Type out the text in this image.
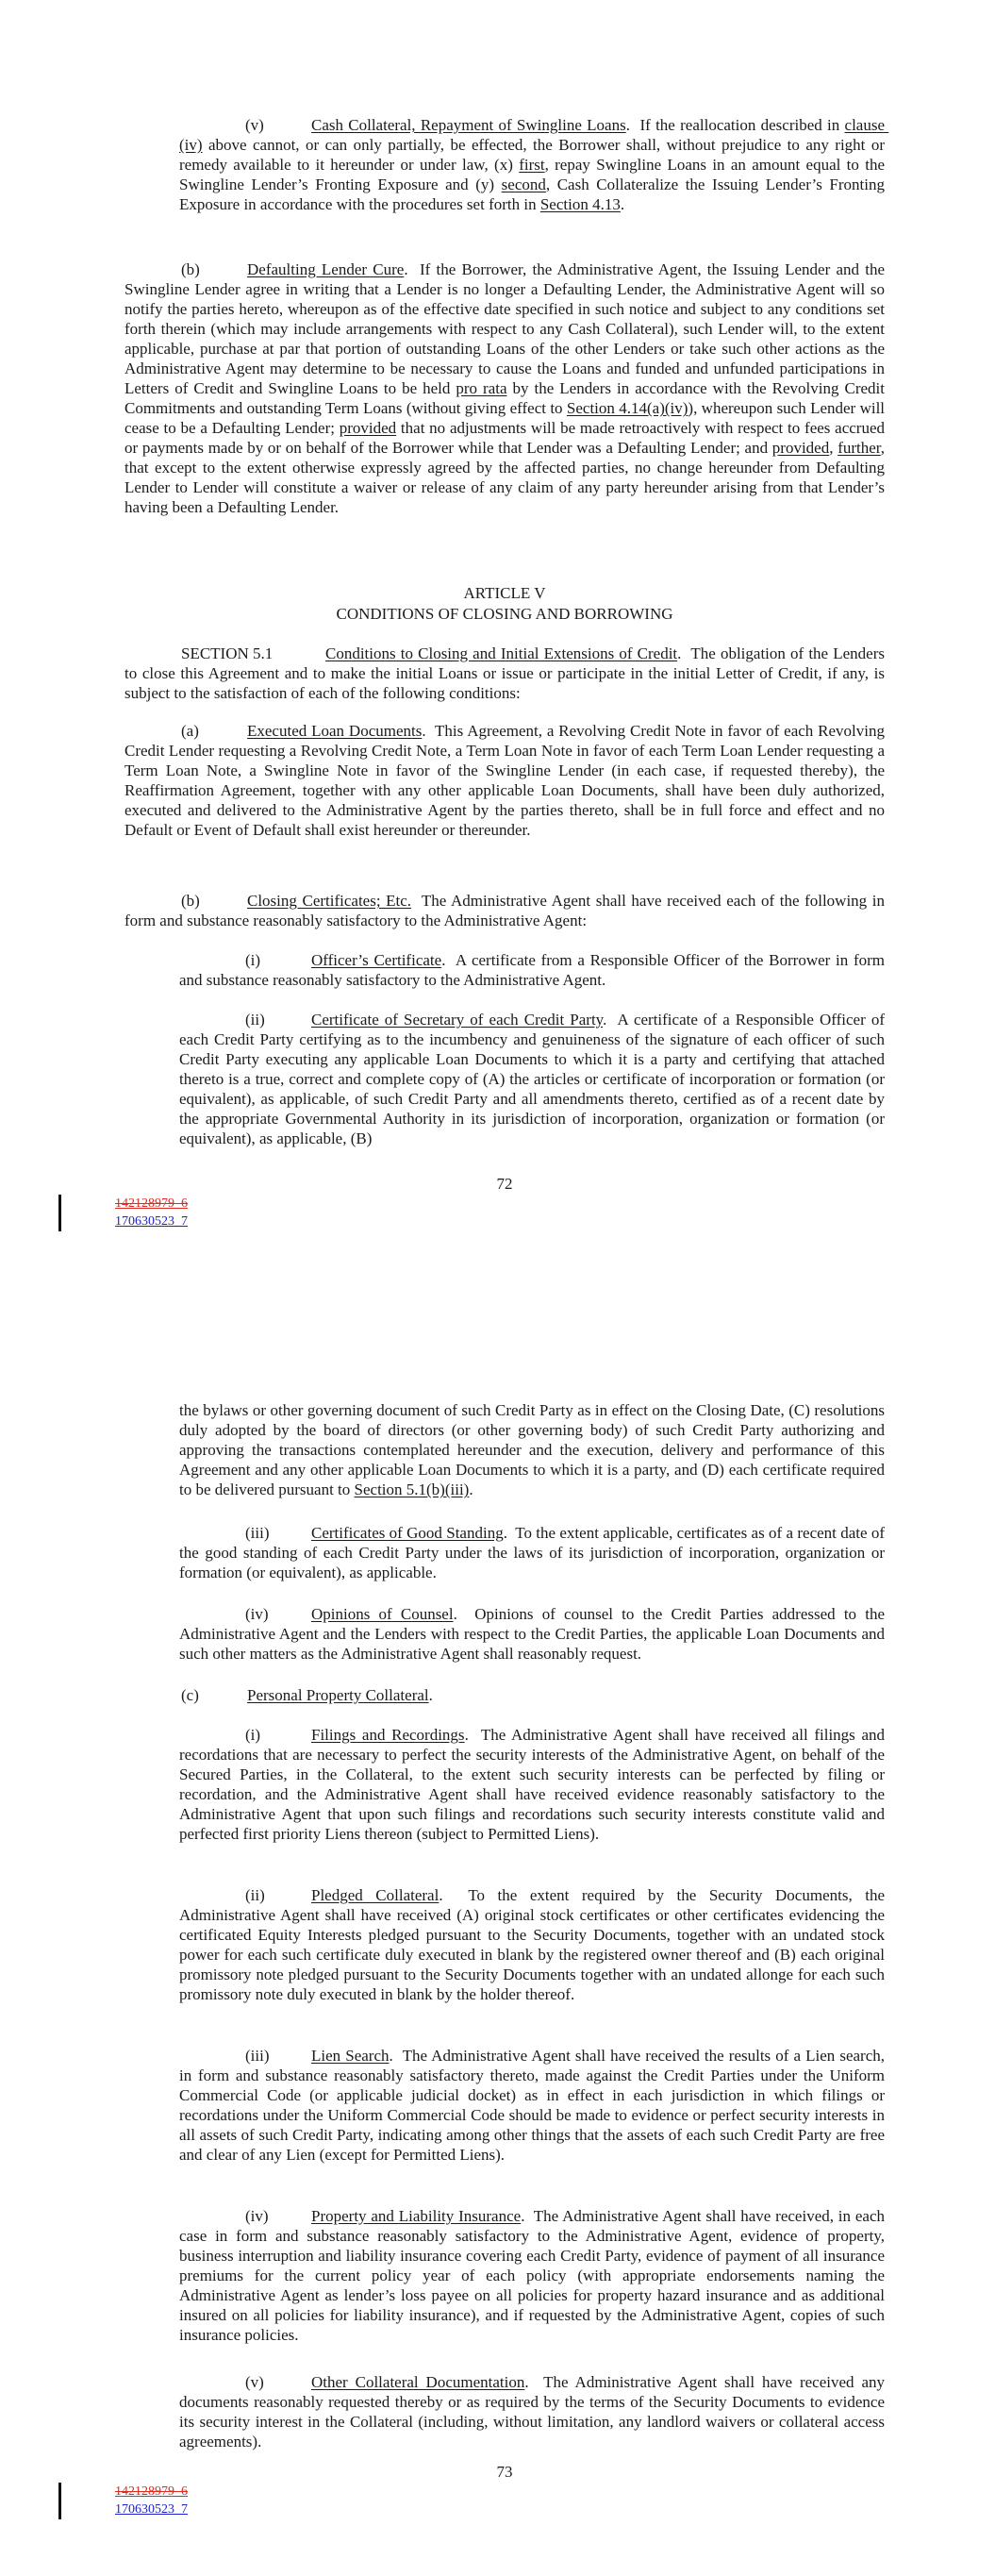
(v)	Cash Collateral, Repayment of Swingline Loans.  If the reallocation described in clause (iv) above cannot, or can only partially, be effected, the Borrower shall, without prejudice to any right or remedy available to it hereunder or under law, (x) first, repay Swingline Loans in an amount equal to the Swingline Lender’s Fronting Exposure and (y) second, Cash Collateralize the Issuing Lender’s Fronting Exposure in accordance with the procedures set forth in Section 4.13.
(b)	Defaulting Lender Cure.  If the Borrower, the Administrative Agent, the Issuing Lender and the Swingline Lender agree in writing that a Lender is no longer a Defaulting Lender, the Administrative Agent will so notify the parties hereto, whereupon as of the effective date specified in such notice and subject to any conditions set forth therein (which may include arrangements with respect to any Cash Collateral), such Lender will, to the extent applicable, purchase at par that portion of outstanding Loans of the other Lenders or take such other actions as the Administrative Agent may determine to be necessary to cause the Loans and funded and unfunded participations in Letters of Credit and Swingline Loans to be held pro rata by the Lenders in accordance with the Revolving Credit Commitments and outstanding Term Loans (without giving effect to Section 4.14(a)(iv)), whereupon such Lender will cease to be a Defaulting Lender; provided that no adjustments will be made retroactively with respect to fees accrued or payments made by or on behalf of the Borrower while that Lender was a Defaulting Lender; and provided, further, that except to the extent otherwise expressly agreed by the affected parties, no change hereunder from Defaulting Lender to Lender will constitute a waiver or release of any claim of any party hereunder arising from that Lender’s having been a Defaulting Lender.
ARTICLE V
CONDITIONS OF CLOSING AND BORROWING
SECTION 5.1	Conditions to Closing and Initial Extensions of Credit.  The obligation of the Lenders to close this Agreement and to make the initial Loans or issue or participate in the initial Letter of Credit, if any, is subject to the satisfaction of each of the following conditions:
(a)	Executed Loan Documents.  This Agreement, a Revolving Credit Note in favor of each Revolving Credit Lender requesting a Revolving Credit Note, a Term Loan Note in favor of each Term Loan Lender requesting a Term Loan Note, a Swingline Note in favor of the Swingline Lender (in each case, if requested thereby), the Reaffirmation Agreement, together with any other applicable Loan Documents, shall have been duly authorized, executed and delivered to the Administrative Agent by the parties thereto, shall be in full force and effect and no Default or Event of Default shall exist hereunder or thereunder.
(b)	Closing Certificates; Etc.  The Administrative Agent shall have received each of the following in form and substance reasonably satisfactory to the Administrative Agent:
(i)	Officer’s Certificate.  A certificate from a Responsible Officer of the Borrower in form and substance reasonably satisfactory to the Administrative Agent.
(ii)	Certificate of Secretary of each Credit Party.  A certificate of a Responsible Officer of each Credit Party certifying as to the incumbency and genuineness of the signature of each officer of such Credit Party executing any applicable Loan Documents to which it is a party and certifying that attached thereto is a true, correct and complete copy of (A) the articles or certificate of incorporation or formation (or equivalent), as applicable, of such Credit Party and all amendments thereto, certified as of a recent date by the appropriate Governmental Authority in its jurisdiction of incorporation, organization or formation (or equivalent), as applicable, (B)
72
142128979_6
170630523_7
the bylaws or other governing document of such Credit Party as in effect on the Closing Date, (C) resolutions duly adopted by the board of directors (or other governing body) of such Credit Party authorizing and approving the transactions contemplated hereunder and the execution, delivery and performance of this Agreement and any other applicable Loan Documents to which it is a party, and (D) each certificate required to be delivered pursuant to Section 5.1(b)(iii).
(iii)	Certificates of Good Standing.  To the extent applicable, certificates as of a recent date of the good standing of each Credit Party under the laws of its jurisdiction of incorporation, organization or formation (or equivalent), as applicable.
(iv)	Opinions of Counsel.  Opinions of counsel to the Credit Parties addressed to the Administrative Agent and the Lenders with respect to the Credit Parties, the applicable Loan Documents and such other matters as the Administrative Agent shall reasonably request.
(c)	Personal Property Collateral.
(i)	Filings and Recordings.  The Administrative Agent shall have received all filings and recordations that are necessary to perfect the security interests of the Administrative Agent, on behalf of the Secured Parties, in the Collateral, to the extent such security interests can be perfected by filing or recordation, and the Administrative Agent shall have received evidence reasonably satisfactory to the Administrative Agent that upon such filings and recordations such security interests constitute valid and perfected first priority Liens thereon (subject to Permitted Liens).
(ii)	Pledged Collateral.  To the extent required by the Security Documents, the Administrative Agent shall have received (A) original stock certificates or other certificates evidencing the certificated Equity Interests pledged pursuant to the Security Documents, together with an undated stock power for each such certificate duly executed in blank by the registered owner thereof and (B) each original promissory note pledged pursuant to the Security Documents together with an undated allonge for each such promissory note duly executed in blank by the holder thereof.
(iii)	Lien Search.  The Administrative Agent shall have received the results of a Lien search, in form and substance reasonably satisfactory thereto, made against the Credit Parties under the Uniform Commercial Code (or applicable judicial docket) as in effect in each jurisdiction in which filings or recordations under the Uniform Commercial Code should be made to evidence or perfect security interests in all assets of such Credit Party, indicating among other things that the assets of each such Credit Party are free and clear of any Lien (except for Permitted Liens).
(iv)	Property and Liability Insurance.  The Administrative Agent shall have received, in each case in form and substance reasonably satisfactory to the Administrative Agent, evidence of property, business interruption and liability insurance covering each Credit Party, evidence of payment of all insurance premiums for the current policy year of each policy (with appropriate endorsements naming the Administrative Agent as lender’s loss payee on all policies for property hazard insurance and as additional insured on all policies for liability insurance), and if requested by the Administrative Agent, copies of such insurance policies.
(v)	Other Collateral Documentation.  The Administrative Agent shall have received any documents reasonably requested thereby or as required by the terms of the Security Documents to evidence its security interest in the Collateral (including, without limitation, any landlord waivers or collateral access agreements).
73
142128979_6
170630523_7
